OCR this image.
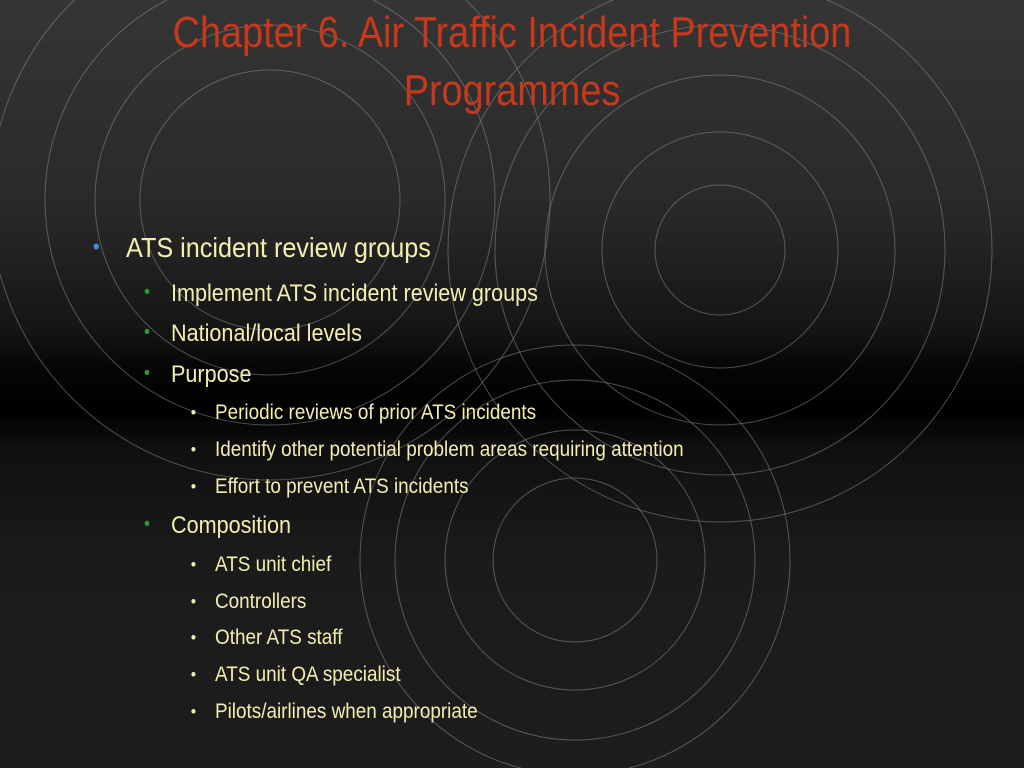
Chapter 6. Air Traffic Incident Prevention
Programmes
• ATS incident review groups
• Implement ATS incident review groups
• National/local levels
• Purpose
• Periodic reviews of prior ATS incidents
• Identify other potential problem areas requiring attention
• Effort to prevent ATS incidents
• Composition
• ATS unit chief
• Controllers
• Other ATS staff
• ATS unit QA specialist
• Pilots/airlines when appropriate
